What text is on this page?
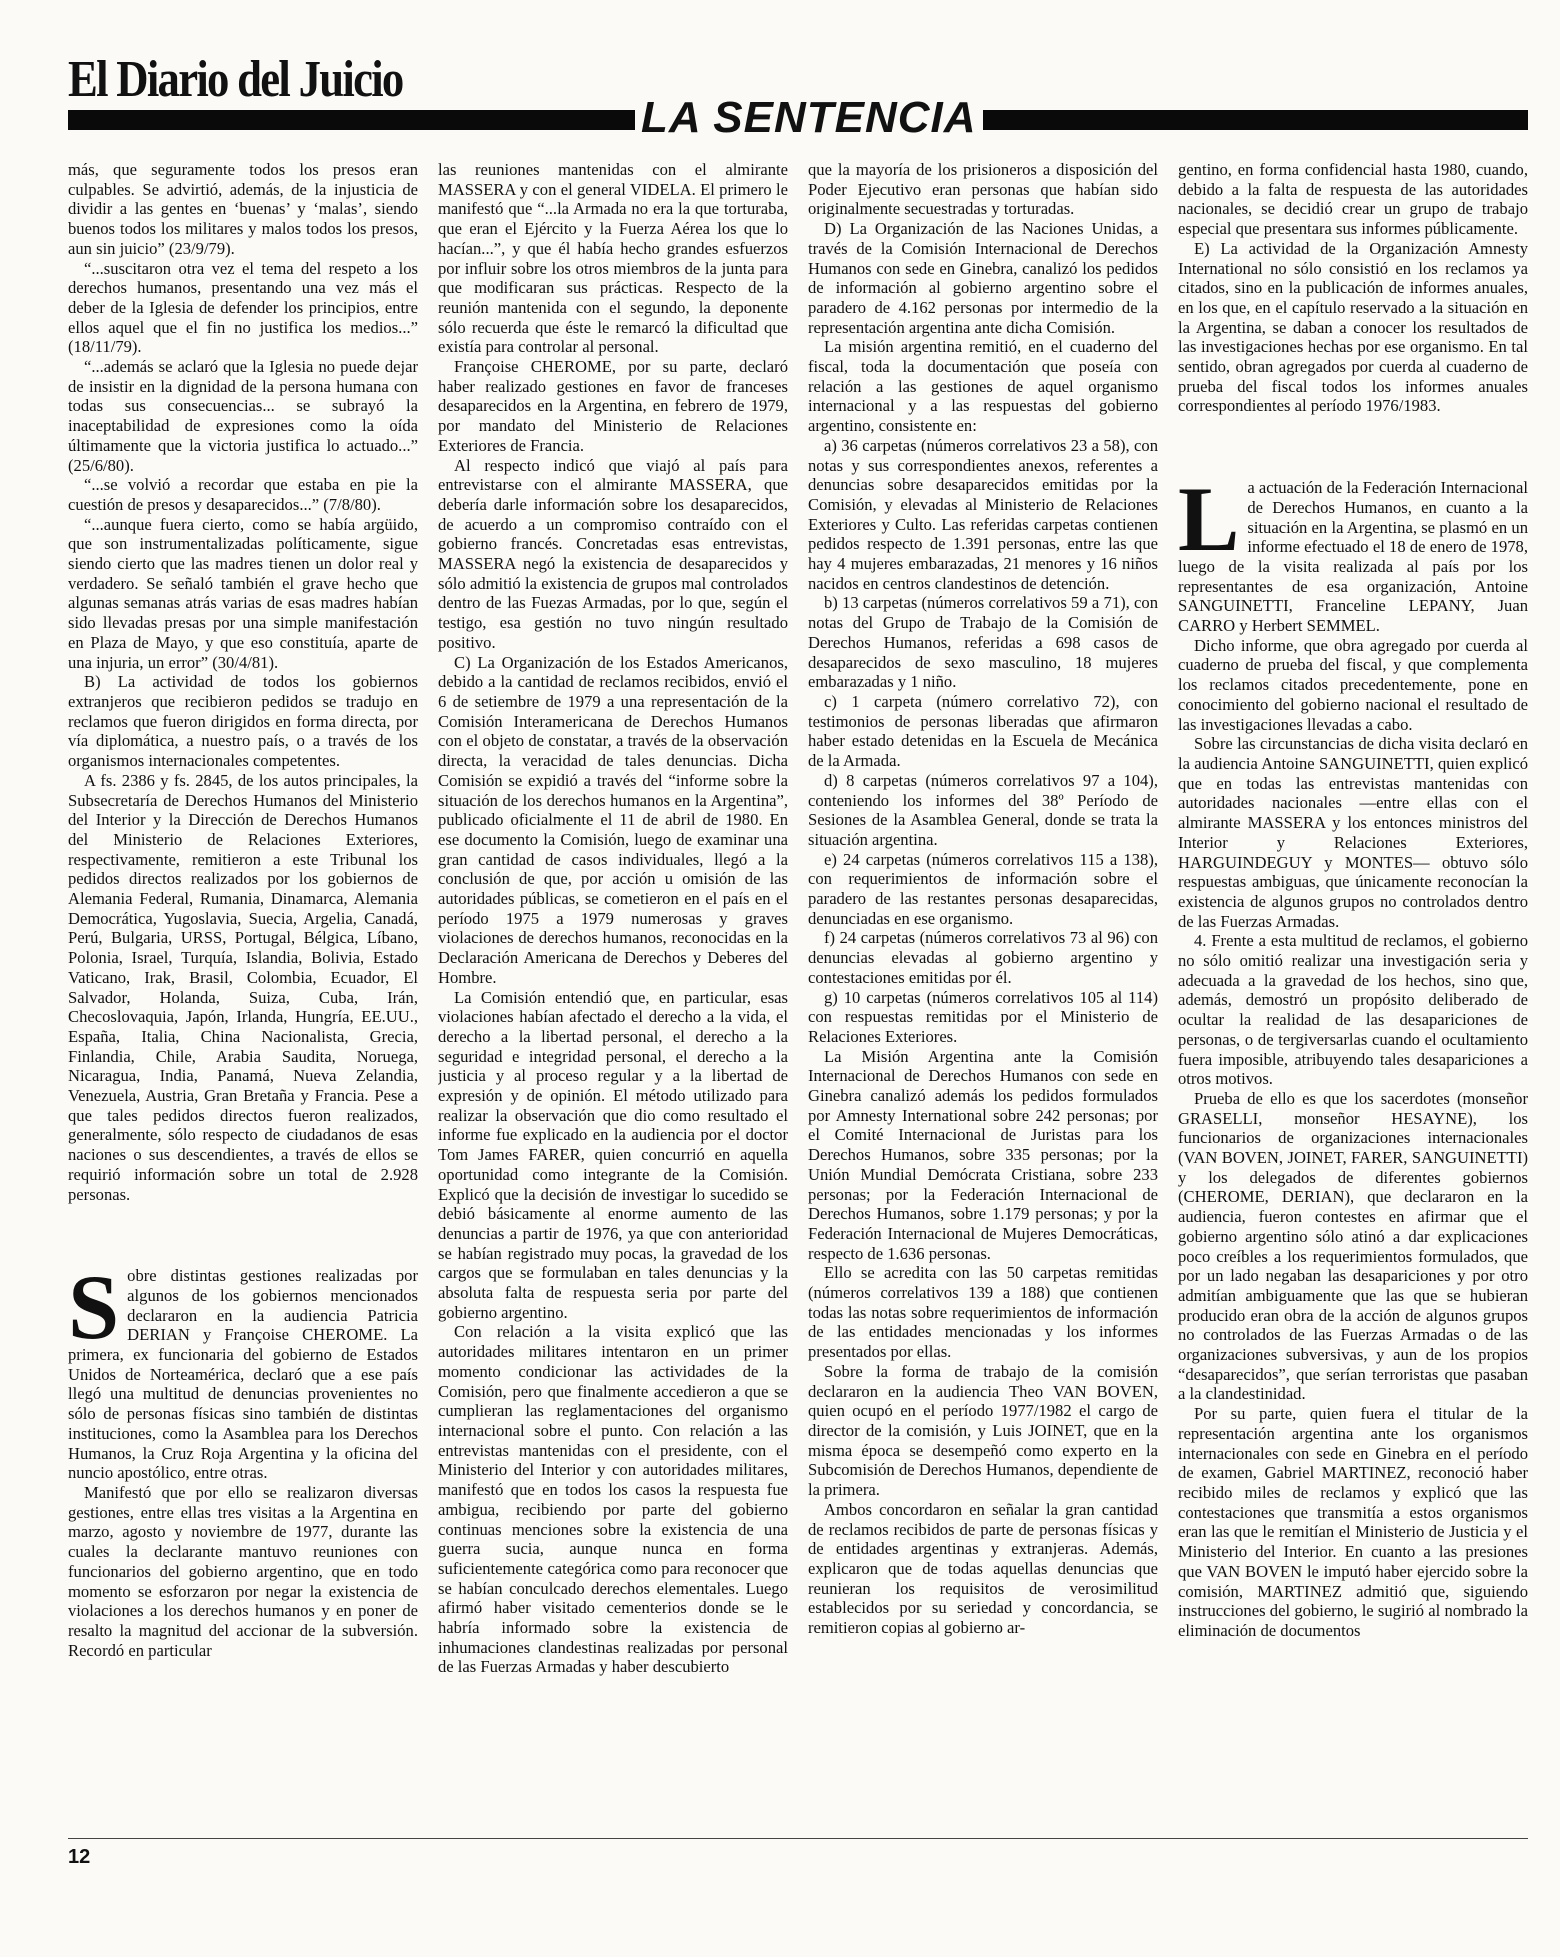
El Diario del Juicio
LA SENTENCIA

más, que seguramente todos los presos eran culpables. Se advirtió, además, de la injusticia de dividir a las gentes en ‘buenas’ y ‘malas’, siendo buenos todos los militares y malos todos los presos, aun sin juicio” (23/9/79).

“...suscitaron otra vez el tema del respeto a los derechos humanos, presentando una vez más el deber de la Iglesia de defender los principios, entre ellos aquel que el fin no justifica los medios...” (18/11/79).

“...además se aclaró que la Iglesia no puede dejar de insistir en la dignidad de la persona humana con todas sus consecuencias... se subrayó la inaceptabilidad de expresiones como la oída últimamente que la victoria justifica lo actuado...” (25/6/80).

“...se volvió a recordar que estaba en pie la cuestión de presos y desaparecidos...” (7/8/80).

“...aunque fuera cierto, como se había argüido, que son instrumentalizadas políticamente, sigue siendo cierto que las madres tienen un dolor real y verdadero. Se señaló también el grave hecho que algunas semanas atrás varias de esas madres habían sido llevadas presas por una simple manifestación en Plaza de Mayo, y que eso constituía, aparte de una injuria, un error” (30/4/81).

B) La actividad de todos los gobiernos extranjeros que recibieron pedidos se tradujo en reclamos que fueron dirigidos en forma directa, por vía diplomática, a nuestro país, o a través de los organismos internacionales competentes.

A fs. 2386 y fs. 2845, de los autos principales, la Subsecretaría de Derechos Humanos del Ministerio del Interior y la Dirección de Derechos Humanos del Ministerio de Relaciones Exteriores, respectivamente, remitieron a este Tribunal los pedidos directos realizados por los gobiernos de Alemania Federal, Rumania, Dinamarca, Alemania Democrática, Yugoslavia, Suecia, Argelia, Canadá, Perú, Bulgaria, URSS, Portugal, Bélgica, Líbano, Polonia, Israel, Turquía, Islandia, Bolivia, Estado Vaticano, Irak, Brasil, Colombia, Ecuador, El Salvador, Holanda, Suiza, Cuba, Irán, Checoslovaquia, Japón, Irlanda, Hungría, EE.UU., España, Italia, China Nacionalista, Grecia, Finlandia, Chile, Arabia Saudita, Noruega, Nicaragua, India, Panamá, Nueva Zelandia, Venezuela, Austria, Gran Bretaña y Francia. Pese a que tales pedidos directos fueron realizados, generalmente, sólo respecto de ciudadanos de esas naciones o sus descendientes, a través de ellos se requirió información sobre un total de 2.928 personas.

Sobre distintas gestiones realizadas por algunos de los gobiernos mencionados declararon en la audiencia Patricia DERIAN y Françoise CHEROME. La primera, ex funcionaria del gobierno de Estados Unidos de Norteamérica, declaró que a ese país llegó una multitud de denuncias provenientes no sólo de personas físicas sino también de distintas instituciones, como la Asamblea para los Derechos Humanos, la Cruz Roja Argentina y la oficina del nuncio apostólico, entre otras.

Manifestó que por ello se realizaron diversas gestiones, entre ellas tres visitas a la Argentina en marzo, agosto y noviembre de 1977, durante las cuales la declarante mantuvo reuniones con funcionarios del gobierno argentino, que en todo momento se esforzaron por negar la existencia de violaciones a los derechos humanos y en poner de resalto la magnitud del accionar de la subversión. Recordó en particular

las reuniones mantenidas con el almirante MASSERA y con el general VIDELA. El primero le manifestó que “...la Armada no era la que torturaba, que eran el Ejército y la Fuerza Aérea los que lo hacían...”, y que él había hecho grandes esfuerzos por influir sobre los otros miembros de la junta para que modificaran sus prácticas. Respecto de la reunión mantenida con el segundo, la deponente sólo recuerda que éste le remarcó la dificultad que existía para controlar al personal.

Françoise CHEROME, por su parte, declaró haber realizado gestiones en favor de franceses desaparecidos en la Argentina, en febrero de 1979, por mandato del Ministerio de Relaciones Exteriores de Francia.

Al respecto indicó que viajó al país para entrevistarse con el almirante MASSERA, que debería darle información sobre los desaparecidos, de acuerdo a un compromiso contraído con el gobierno francés. Concretadas esas entrevistas, MASSERA negó la existencia de desaparecidos y sólo admitió la existencia de grupos mal controlados dentro de las Fuezas Armadas, por lo que, según el testigo, esa gestión no tuvo ningún resultado positivo.

C) La Organización de los Estados Americanos, debido a la cantidad de reclamos recibidos, envió el 6 de setiembre de 1979 a una representación de la Comisión Interamericana de Derechos Humanos con el objeto de constatar, a través de la observación directa, la veracidad de tales denuncias. Dicha Comisión se expidió a través del “informe sobre la situación de los derechos humanos en la Argentina”, publicado oficialmente el 11 de abril de 1980. En ese documento la Comisión, luego de examinar una gran cantidad de casos individuales, llegó a la conclusión de que, por acción u omisión de las autoridades públicas, se cometieron en el país en el período 1975 a 1979 numerosas y graves violaciones de derechos humanos, reconocidas en la Declaración Americana de Derechos y Deberes del Hombre.

La Comisión entendió que, en particular, esas violaciones habían afectado el derecho a la vida, el derecho a la libertad personal, el derecho a la seguridad e integridad personal, el derecho a la justicia y al proceso regular y a la libertad de expresión y de opinión. El método utilizado para realizar la observación que dio como resultado el informe fue explicado en la audiencia por el doctor Tom James FARER, quien concurrió en aquella oportunidad como integrante de la Comisión. Explicó que la decisión de investigar lo sucedido se debió básicamente al enorme aumento de las denuncias a partir de 1976, ya que con anterioridad se habían registrado muy pocas, la gravedad de los cargos que se formulaban en tales denuncias y la absoluta falta de respuesta seria por parte del gobierno argentino.

Con relación a la visita explicó que las autoridades militares intentaron en un primer momento condicionar las actividades de la Comisión, pero que finalmente accedieron a que se cumplieran las reglamentaciones del organismo internacional sobre el punto. Con relación a las entrevistas mantenidas con el presidente, con el Ministerio del Interior y con autoridades militares, manifestó que en todos los casos la respuesta fue ambigua, recibiendo por parte del gobierno continuas menciones sobre la existencia de una guerra sucia, aunque nunca en forma suficientemente categórica como para reconocer que se habían conculcado derechos elementales. Luego afirmó haber visitado cementerios donde se le habría informado sobre la existencia de inhumaciones clandestinas realizadas por personal de las Fuerzas Armadas y haber descubierto

que la mayoría de los prisioneros a disposición del Poder Ejecutivo eran personas que habían sido originalmente secuestradas y torturadas.

D) La Organización de las Naciones Unidas, a través de la Comisión Internacional de Derechos Humanos con sede en Ginebra, canalizó los pedidos de información al gobierno argentino sobre el paradero de 4.162 personas por intermedio de la representación argentina ante dicha Comisión.

La misión argentina remitió, en el cuaderno del fiscal, toda la documentación que poseía con relación a las gestiones de aquel organismo internacional y a las respuestas del gobierno argentino, consistente en:

a) 36 carpetas (números correlativos 23 a 58), con notas y sus correspondientes anexos, referentes a denuncias sobre desaparecidos emitidas por la Comisión, y elevadas al Ministerio de Relaciones Exteriores y Culto. Las referidas carpetas contienen pedidos respecto de 1.391 personas, entre las que hay 4 mujeres embarazadas, 21 menores y 16 niños nacidos en centros clandestinos de detención.

b) 13 carpetas (números correlativos 59 a 71), con notas del Grupo de Trabajo de la Comisión de Derechos Humanos, referidas a 698 casos de desaparecidos de sexo masculino, 18 mujeres embarazadas y 1 niño.

c) 1 carpeta (número correlativo 72), con testimonios de personas liberadas que afirmaron haber estado detenidas en la Escuela de Mecánica de la Armada.

d) 8 carpetas (números correlativos 97 a 104), conteniendo los informes del 38º Período de Sesiones de la Asamblea General, donde se trata la situación argentina.

e) 24 carpetas (números correlativos 115 a 138), con requerimientos de información sobre el paradero de las restantes personas desaparecidas, denunciadas en ese organismo.

f) 24 carpetas (números correlativos 73 al 96) con denuncias elevadas al gobierno argentino y contestaciones emitidas por él.

g) 10 carpetas (números correlativos 105 al 114) con respuestas remitidas por el Ministerio de Relaciones Exteriores.

La Misión Argentina ante la Comisión Internacional de Derechos Humanos con sede en Ginebra canalizó además los pedidos formulados por Amnesty International sobre 242 personas; por el Comité Internacional de Juristas para los Derechos Humanos, sobre 335 personas; por la Unión Mundial Demócrata Cristiana, sobre 233 personas; por la Federación Internacional de Derechos Humanos, sobre 1.179 personas; y por la Federación Internacional de Mujeres Democráticas, respecto de 1.636 personas.

Ello se acredita con las 50 carpetas remitidas (números correlativos 139 a 188) que contienen todas las notas sobre requerimientos de información de las entidades mencionadas y los informes presentados por ellas.

Sobre la forma de trabajo de la comisión declararon en la audiencia Theo VAN BOVEN, quien ocupó en el período 1977/1982 el cargo de director de la comisión, y Luis JOINET, que en la misma época se desempeñó como experto en la Subcomisión de Derechos Humanos, dependiente de la primera.

Ambos concordaron en señalar la gran cantidad de reclamos recibidos de parte de personas físicas y de entidades argentinas y extranjeras. Además, explicaron que de todas aquellas denuncias que reunieran los requisitos de verosimilitud establecidos por su seriedad y concordancia, se remitieron copias al gobierno ar-

gentino, en forma confidencial hasta 1980, cuando, debido a la falta de respuesta de las autoridades nacionales, se decidió crear un grupo de trabajo especial que presentara sus informes públicamente.

E) La actividad de la Organización Amnesty International no sólo consistió en los reclamos ya citados, sino en la publicación de informes anuales, en los que, en el capítulo reservado a la situación en la Argentina, se daban a conocer los resultados de las investigaciones hechas por ese organismo. En tal sentido, obran agregados por cuerda al cuaderno de prueba del fiscal todos los informes anuales correspondientes al período 1976/1983.

La actuación de la Federación Internacional de Derechos Humanos, en cuanto a la situación en la Argentina, se plasmó en un informe efectuado el 18 de enero de 1978, luego de la visita realizada al país por los representantes de esa organización, Antoine SANGUINETTI, Franceline LEPANY, Juan CARRO y Herbert SEMMEL.

Dicho informe, que obra agregado por cuerda al cuaderno de prueba del fiscal, y que complementa los reclamos citados precedentemente, pone en conocimiento del gobierno nacional el resultado de las investigaciones llevadas a cabo.

Sobre las circunstancias de dicha visita declaró en la audiencia Antoine SANGUINETTI, quien explicó que en todas las entrevistas mantenidas con autoridades nacionales —entre ellas con el almirante MASSERA y los entonces ministros del Interior y Relaciones Exteriores, HARGUINDEGUY y MONTES— obtuvo sólo respuestas ambiguas, que únicamente reconocían la existencia de algunos grupos no controlados dentro de las Fuerzas Armadas.

4. Frente a esta multitud de reclamos, el gobierno no sólo omitió realizar una investigación seria y adecuada a la gravedad de los hechos, sino que, además, demostró un propósito deliberado de ocultar la realidad de las desapariciones de personas, o de tergiversarlas cuando el ocultamiento fuera imposible, atribuyendo tales desapariciones a otros motivos.

Prueba de ello es que los sacerdotes (monseñor GRASELLI, monseñor HESAYNE), los funcionarios de organizaciones internacionales (VAN BOVEN, JOINET, FARER, SANGUINETTI) y los delegados de diferentes gobiernos (CHEROME, DERIAN), que declararon en la audiencia, fueron contestes en afirmar que el gobierno argentino sólo atinó a dar explicaciones poco creíbles a los requerimientos formulados, que por un lado negaban las desapariciones y por otro admitían ambiguamente que las que se hubieran producido eran obra de la acción de algunos grupos no controlados de las Fuerzas Armadas o de las organizaciones subversivas, y aun de los propios “desaparecidos”, que serían terroristas que pasaban a la clandestinidad.

Por su parte, quien fuera el titular de la representación argentina ante los organismos internacionales con sede en Ginebra en el período de examen, Gabriel MARTINEZ, reconoció haber recibido miles de reclamos y explicó que las contestaciones que transmitía a estos organismos eran las que le remitían el Ministerio de Justicia y el Ministerio del Interior. En cuanto a las presiones que VAN BOVEN le imputó haber ejercido sobre la comisión, MARTINEZ admitió que, siguiendo instrucciones del gobierno, le sugirió al nombrado la eliminación de documentos

12
